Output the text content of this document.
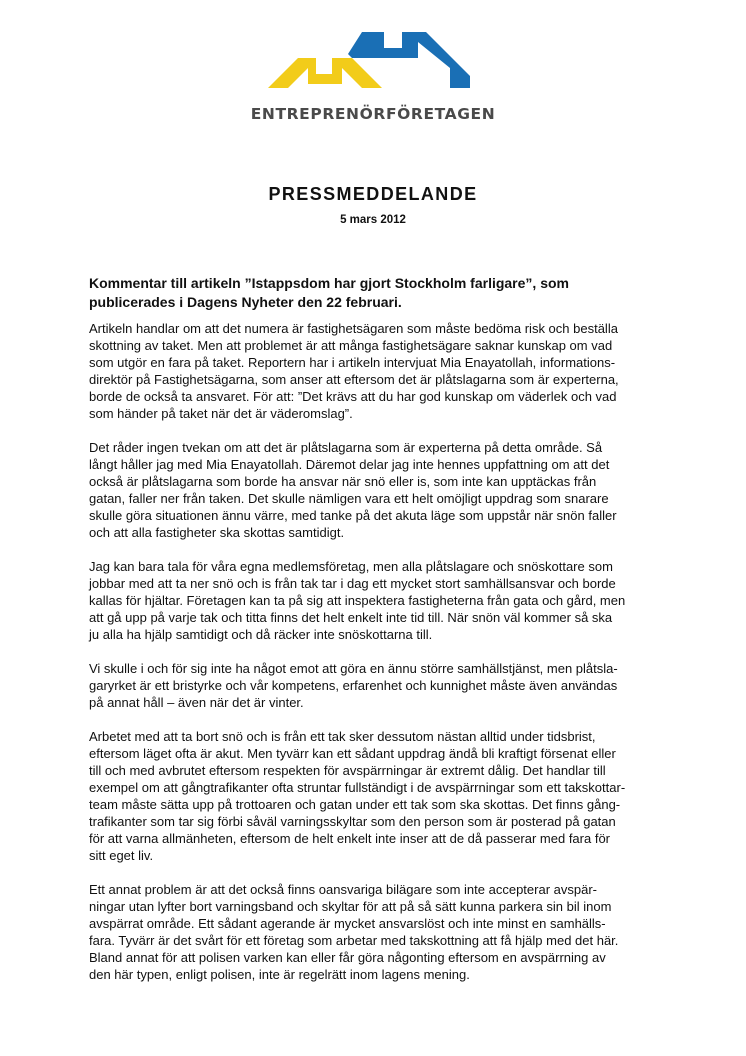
ENTREPRENÖRFÖRETAGEN
PRESSMEDDELANDE
5 mars 2012
Kommentar till artikeln ”Istappsdom har gjort Stockholm farligare”, som
publicerades i Dagens Nyheter den 22 februari.
Artikeln handlar om att det numera är fastighetsägaren som måste bedöma risk och beställa
skottning av taket. Men att problemet är att många fastighetsägare saknar kunskap om vad
som utgör en fara på taket. Reportern har i artikeln intervjuat Mia Enayatollah, informations-
direktör på Fastighetsägarna, som anser att eftersom det är plåtslagarna som är experterna,
borde de också ta ansvaret. För att: ”Det krävs att du har god kunskap om väderlek och vad
som händer på taket när det är väderomslag”.
Det råder ingen tvekan om att det är plåtslagarna som är experterna på detta område. Så
långt håller jag med Mia Enayatollah. Däremot delar jag inte hennes uppfattning om att det
också är plåtslagarna som borde ha ansvar när snö eller is, som inte kan upptäckas från
gatan, faller ner från taken. Det skulle nämligen vara ett helt omöjligt uppdrag som snarare
skulle göra situationen ännu värre, med tanke på det akuta läge som uppstår när snön faller
och att alla fastigheter ska skottas samtidigt.
Jag kan bara tala för våra egna medlemsföretag, men alla plåtslagare och snöskottare som
jobbar med att ta ner snö och is från tak tar i dag ett mycket stort samhällsansvar och borde
kallas för hjältar. Företagen kan ta på sig att inspektera fastigheterna från gata och gård, men
att gå upp på varje tak och titta finns det helt enkelt inte tid till. När snön väl kommer så ska
ju alla ha hjälp samtidigt och då räcker inte snöskottarna till.
Vi skulle i och för sig inte ha något emot att göra en ännu större samhällstjänst, men plåtsla-
garyrket är ett bristyrke och vår kompetens, erfarenhet och kunnighet måste även användas
på annat håll – även när det är vinter.
Arbetet med att ta bort snö och is från ett tak sker dessutom nästan alltid under tidsbrist,
eftersom läget ofta är akut. Men tyvärr kan ett sådant uppdrag ändå bli kraftigt försenat eller
till och med avbrutet eftersom respekten för avspärrningar är extremt dålig. Det handlar till
exempel om att gångtrafikanter ofta struntar fullständigt i de avspärrningar som ett takskottar-
team måste sätta upp på trottoaren och gatan under ett tak som ska skottas. Det finns gång-
trafikanter som tar sig förbi såväl varningsskyltar som den person som är posterad på gatan
för att varna allmänheten, eftersom de helt enkelt inte inser att de då passerar med fara för
sitt eget liv.
Ett annat problem är att det också finns oansvariga bilägare som inte accepterar avspär-
ningar utan lyfter bort varningsband och skyltar för att på så sätt kunna parkera sin bil inom
avspärrat område. Ett sådant agerande är mycket ansvarslöst och inte minst en samhälls-
fara. Tyvärr är det svårt för ett företag som arbetar med takskottning att få hjälp med det här.
Bland annat för att polisen varken kan eller får göra någonting eftersom en avspärrning av
den här typen, enligt polisen, inte är regelrätt inom lagens mening.
